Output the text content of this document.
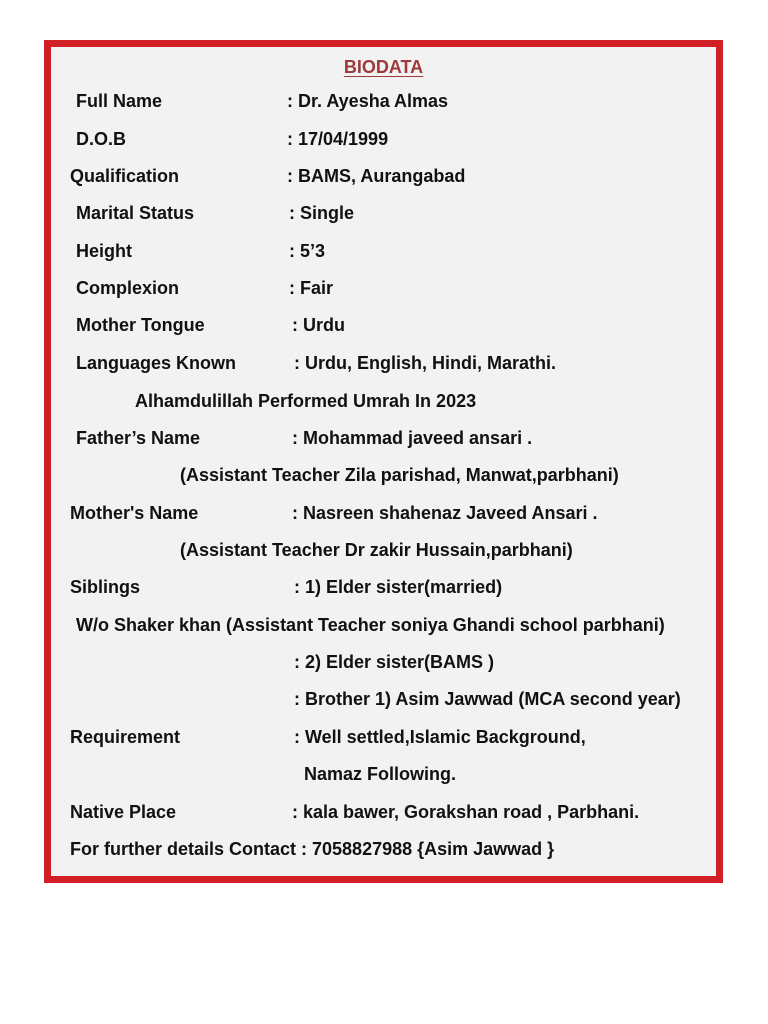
BIODATA
Full Name	: Dr. Ayesha Almas
D.O.B	: 17/04/1999
Qualification	: BAMS, Aurangabad
Marital Status	: Single
Height	: 5’3
Complexion	: Fair
Mother Tongue	: Urdu
Languages Known	: Urdu, English, Hindi, Marathi.
Alhamdulillah Performed Umrah In 2023
Father’s Name	: Mohammad javeed ansari .
(Assistant Teacher Zila parishad, Manwat,parbhani)
Mother's Name	: Nasreen shahenaz Javeed Ansari .
(Assistant Teacher Dr zakir Hussain,parbhani)
Siblings	: 1) Elder sister(married)
W/o Shaker khan (Assistant Teacher soniya Ghandi school parbhani)
: 2) Elder sister(BAMS )
: Brother 1) Asim Jawwad (MCA second year)
Requirement	: Well settled,Islamic Background,
Namaz Following.
Native Place	: kala bawer, Gorakshan road , Parbhani.
For further details Contact : 7058827988 {Asim Jawwad }
